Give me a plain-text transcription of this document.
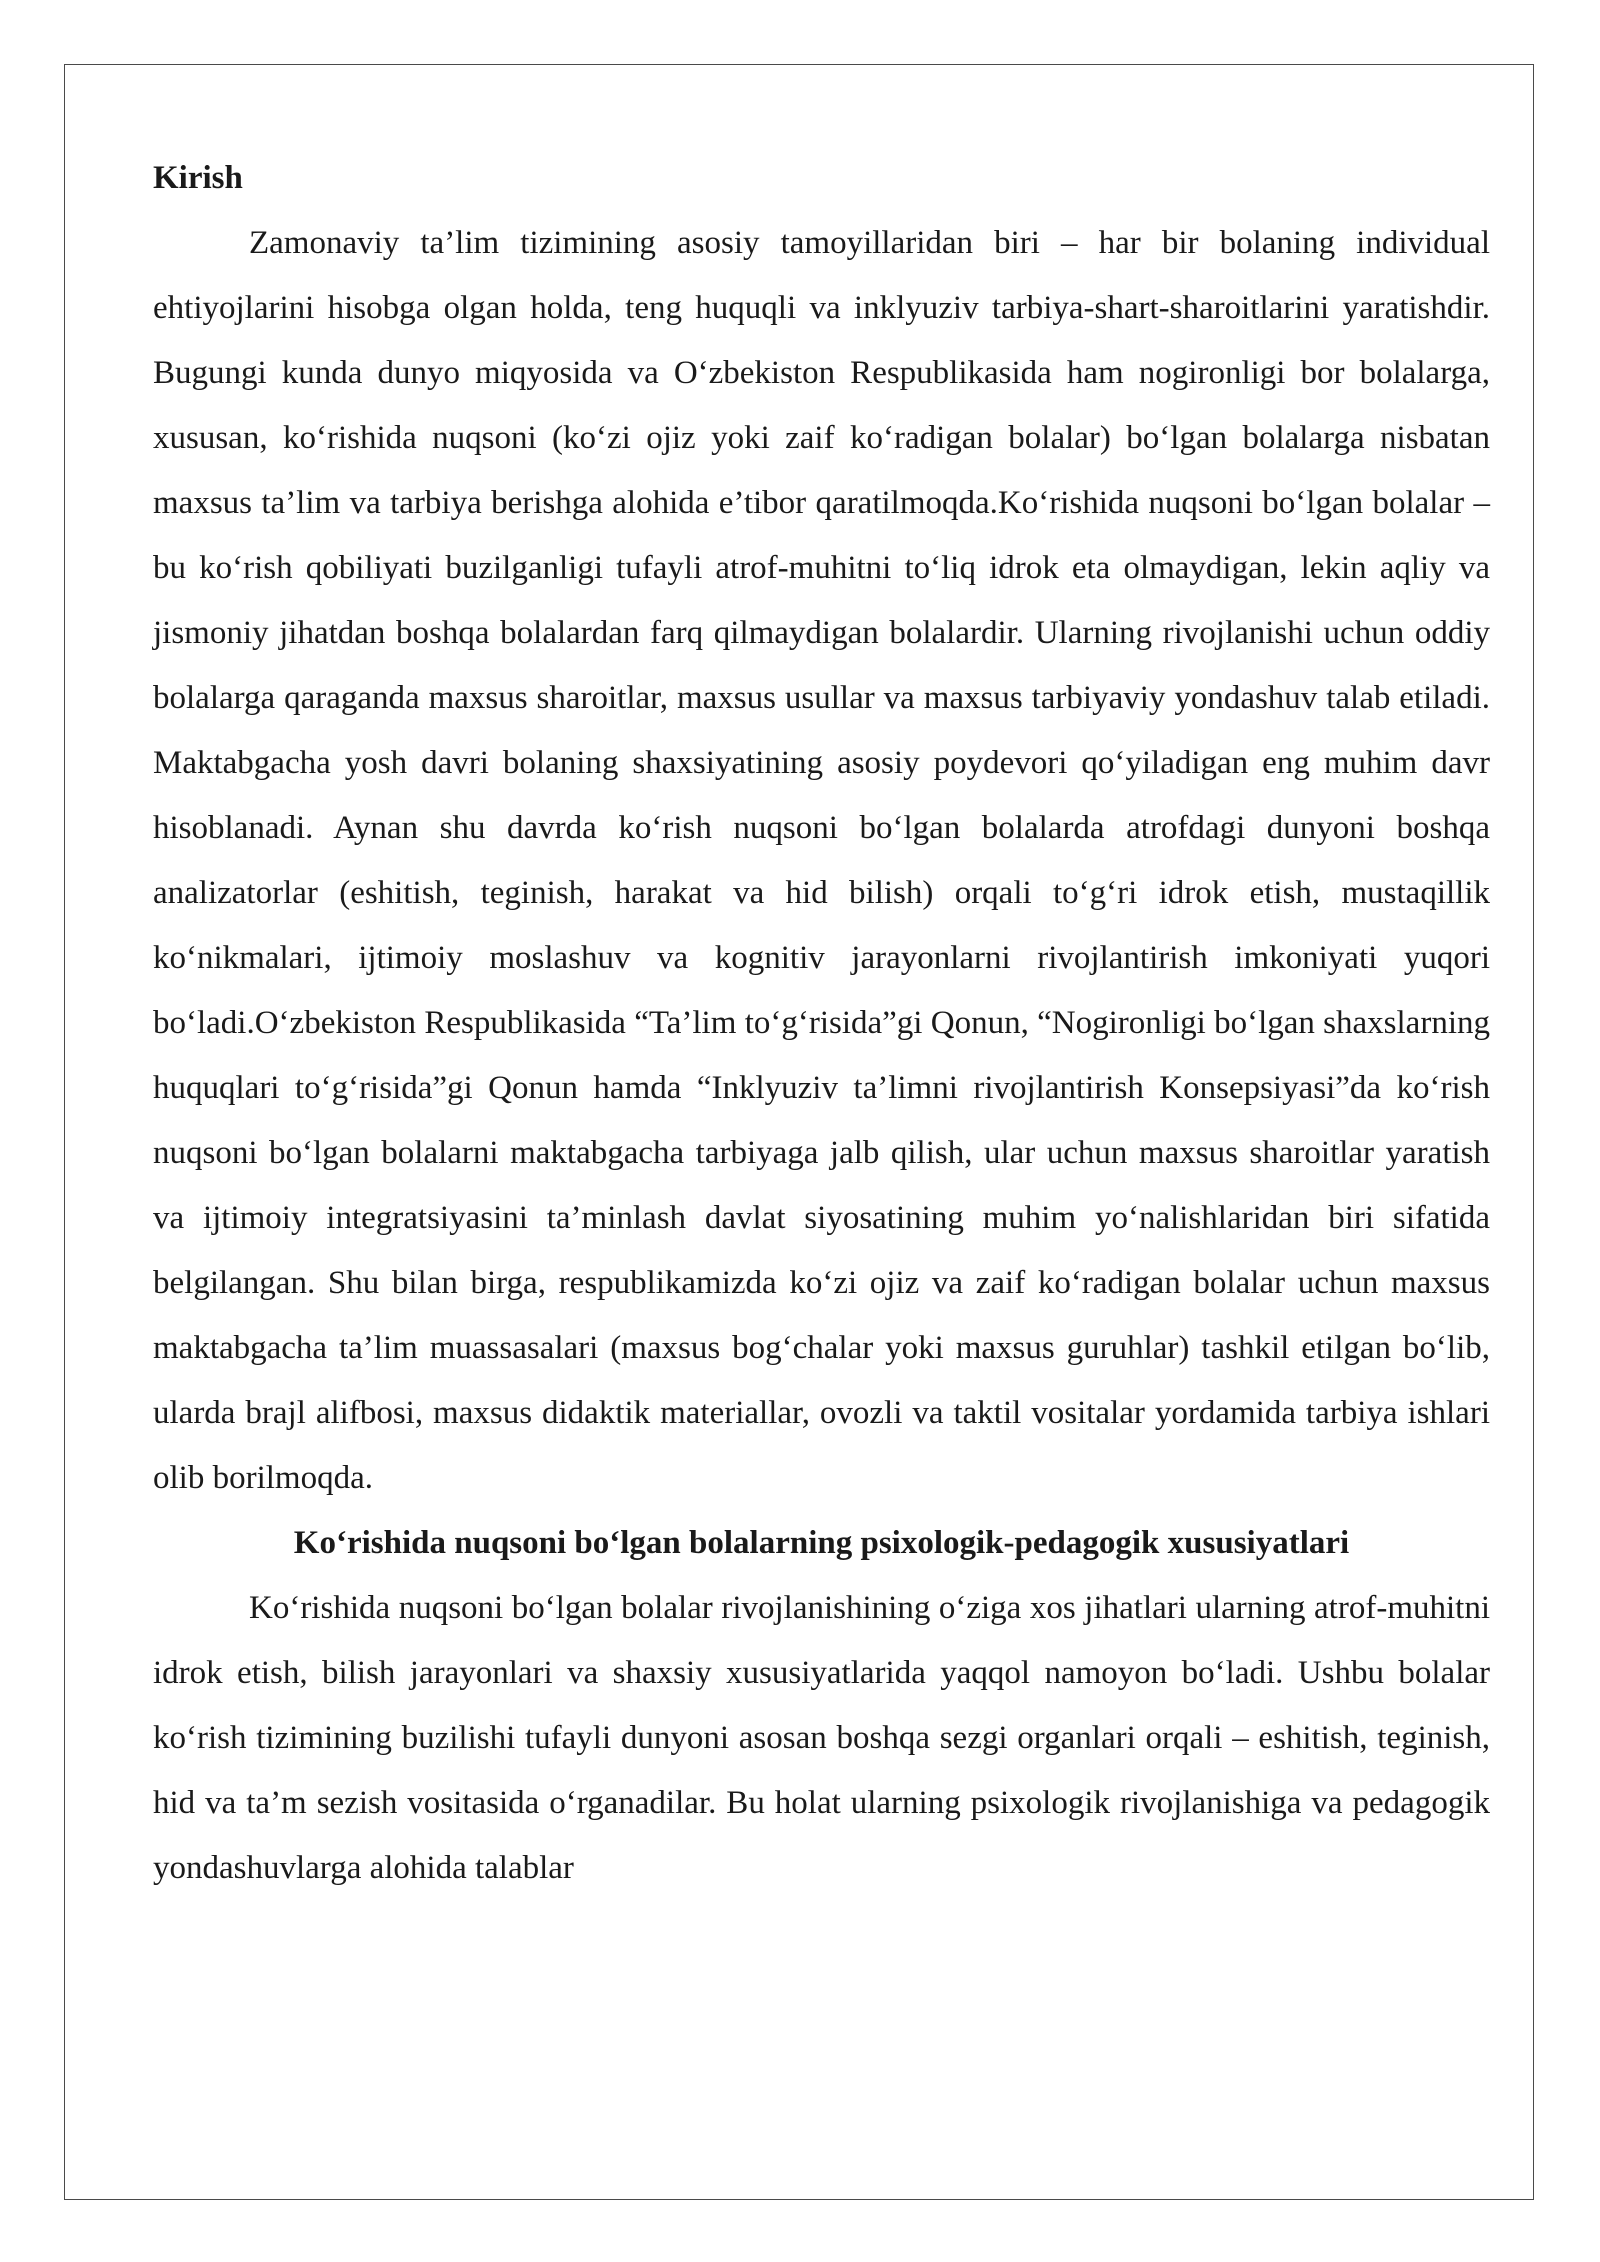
Kirish

Zamonaviy ta’lim tizimining asosiy tamoyillaridan biri – har bir bolaning individual ehtiyojlarini hisobga olgan holda, teng huquqli va inklyuziv tarbiya-shart-sharoitlarini yaratishdir. Bugungi kunda dunyo miqyosida va O‘zbekiston Respublikasida ham nogironligi bor bolalarga, xususan, ko‘rishida nuqsoni (ko‘zi ojiz yoki zaif ko‘radigan bolalar) bo‘lgan bolalarga nisbatan maxsus ta’lim va tarbiya berishga alohida e’tibor qaratilmoqda.Ko‘rishida nuqsoni bo‘lgan bolalar – bu ko‘rish qobiliyati buzilganligi tufayli atrof-muhitni to‘liq idrok eta olmaydigan, lekin aqliy va jismoniy jihatdan boshqa bolalardan farq qilmaydigan bolalardir. Ularning rivojlanishi uchun oddiy bolalarga qaraganda maxsus sharoitlar, maxsus usullar va maxsus tarbiyaviy yondashuv talab etiladi. Maktabgacha yosh davri bolaning shaxsiyatining asosiy poydevori qo‘yiladigan eng muhim davr hisoblanadi. Aynan shu davrda ko‘rish nuqsoni bo‘lgan bolalarda atrofdagi dunyoni boshqa analizatorlar (eshitish, teginish, harakat va hid bilish) orqali to‘g‘ri idrok etish, mustaqillik ko‘nikmalari, ijtimoiy moslashuv va kognitiv jarayonlarni rivojlantirish imkoniyati yuqori bo‘ladi.O‘zbekiston Respublikasida “Ta’lim to‘g‘risida”gi Qonun, “Nogironligi bo‘lgan shaxslarning huquqlari to‘g‘risida”gi Qonun hamda “Inklyuziv ta’limni rivojlantirish Konsepsiyasi”da ko‘rish nuqsoni bo‘lgan bolalarni maktabgacha tarbiyaga jalb qilish, ular uchun maxsus sharoitlar yaratish va ijtimoiy integratsiyasini ta’minlash davlat siyosatining muhim yo‘nalishlaridan biri sifatida belgilangan. Shu bilan birga, respublikamizda ko‘zi ojiz va zaif ko‘radigan bolalar uchun maxsus maktabgacha ta’lim muassasalari (maxsus bog‘chalar yoki maxsus guruhlar) tashkil etilgan bo‘lib, ularda brajl alifbosi, maxsus didaktik materiallar, ovozli va taktil vositalar yordamida tarbiya ishlari olib borilmoqda.

Ko‘rishida nuqsoni bo‘lgan bolalarning psixologik-pedagogik xususiyatlari

Ko‘rishida nuqsoni bo‘lgan bolalar rivojlanishining o‘ziga xos jihatlari ularning atrof-muhitni idrok etish, bilish jarayonlari va shaxsiy xususiyatlarida yaqqol namoyon bo‘ladi. Ushbu bolalar ko‘rish tizimining buzilishi tufayli dunyoni asosan boshqa sezgi organlari orqali – eshitish, teginish, hid va ta’m sezish vositasida o‘rganadilar. Bu holat ularning psixologik rivojlanishiga va pedagogik yondashuvlarga alohida talablar
